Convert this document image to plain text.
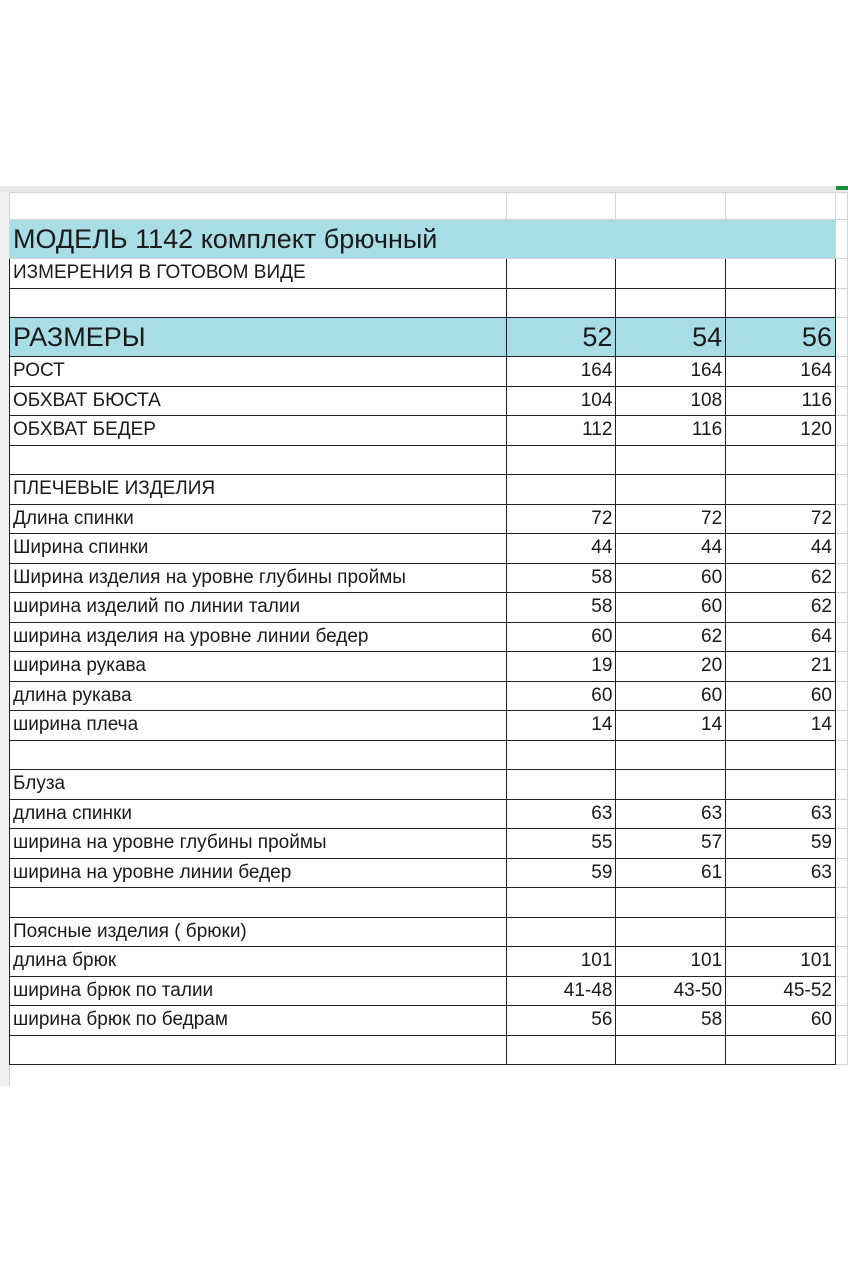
МОДЕЛЬ 1142 комплект брючный				
ИЗМЕРЕНИЯ В ГОТОВОМ ВИДЕ				

РАЗМЕРЫ	52	54	56	
РОСТ	164	164	164	
ОБХВАТ БЮСТА	104	108	116	
ОБХВАТ БЕДЕР	112	116	120	

ПЛЕЧЕВЫЕ ИЗДЕЛИЯ				
Длина спинки	72	72	72	
Ширина спинки	44	44	44	
Ширина изделия на уровне глубины проймы	58	60	62	
ширина изделий по линии талии	58	60	62	
ширина изделия на уровне линии бедер	60	62	64	
ширина рукава	19	20	21	
длина рукава	60	60	60	
ширина плеча	14	14	14	

Блуза				
длина спинки	63	63	63	
ширина на уровне глубины проймы	55	57	59	
ширина на уровне линии бедер	59	61	63	

Поясные изделия ( брюки)				
длина брюк	101	101	101	
ширина брюк по талии	41-48	43-50	45-52	
ширина брюк по бедрам	56	58	60	
